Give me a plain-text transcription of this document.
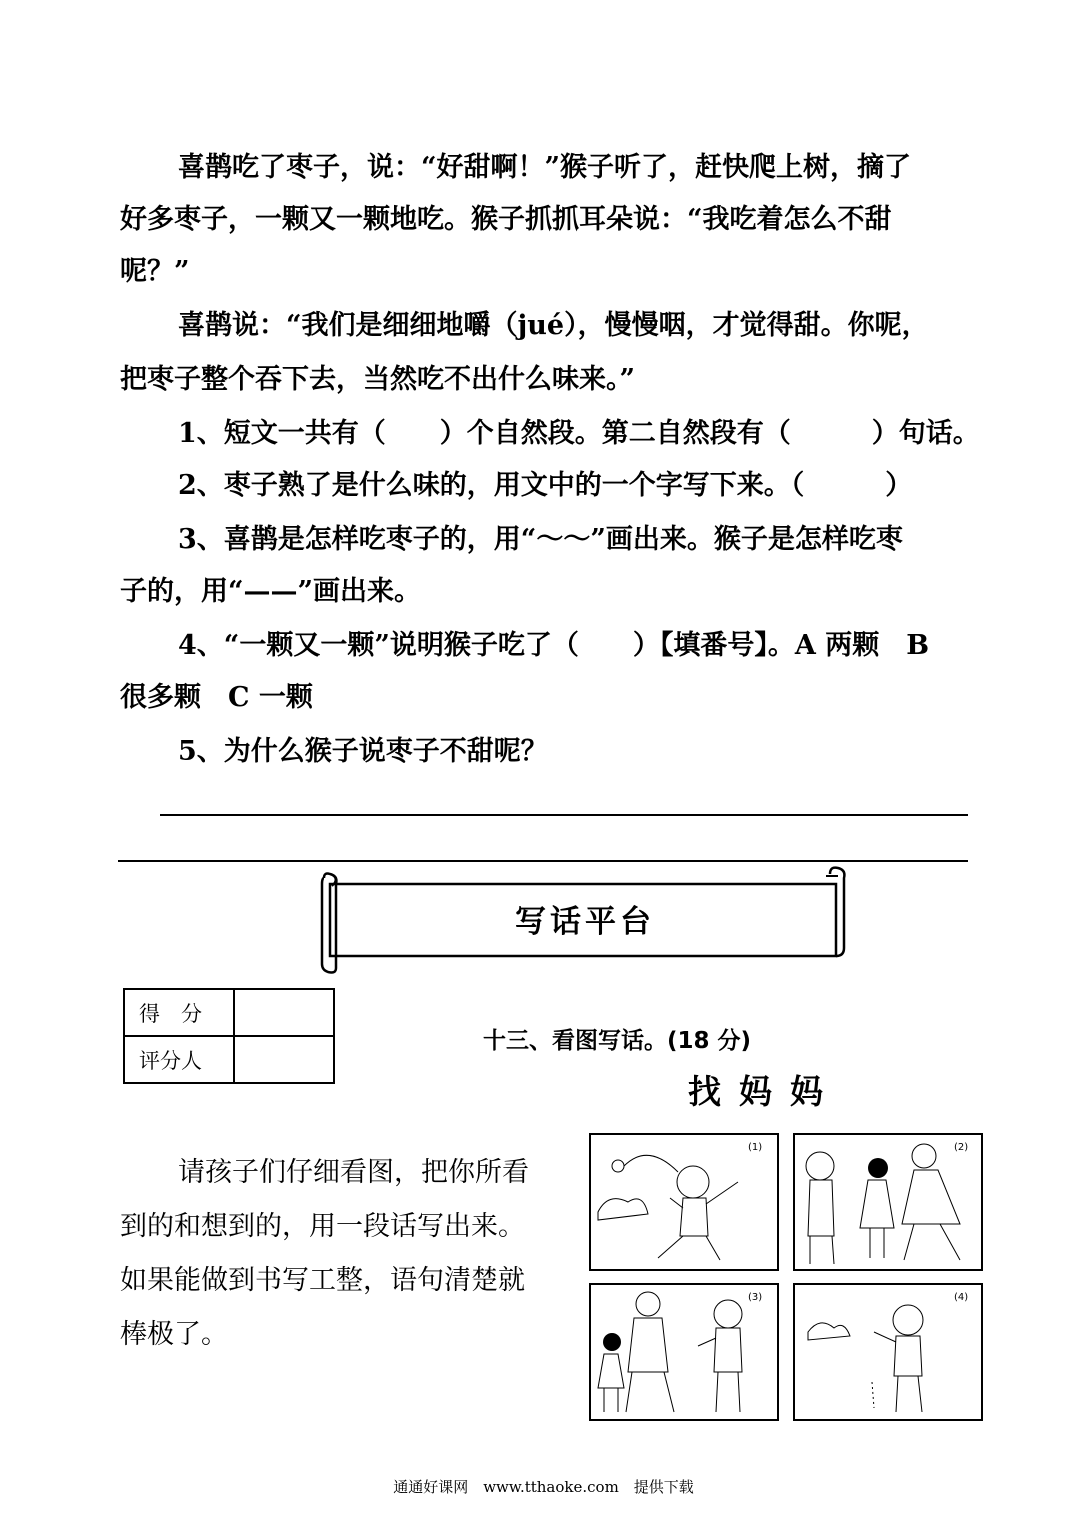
喜鹊吃了枣子，说：“好甜啊！”猴子听了，赶快爬上树，摘了
好多枣子，一颗又一颗地吃。猴子抓抓耳朵说：“我吃着怎么不甜
呢？”
喜鹊说：“我们是细细地嚼（jué），慢慢咽，才觉得甜。你呢，
把枣子整个吞下去，当然吃不出什么味来。”
1、短文一共有（　　）个自然段。第二自然段有（　　　）句话。
2、枣子熟了是什么味的，用文中的一个字写下来。（　　　）
3、喜鹊是怎样吃枣子的，用“～～”画出来。猴子是怎样吃枣
子的，用“——”画出来。
4、“一颗又一颗”说明猴子吃了（　　）【填番号】。A 两颗　B
很多颗　C 一颗
5、为什么猴子说枣子不甜呢？
写话平台
得　分	
评分人	
十三、看图写话。(18 分)
找妈妈
请孩子们仔细看图，把你所看
到的和想到的，用一段话写出来。
如果能做到书写工整，语句清楚就
棒极了。
(1)	(2)
(3)	(4)
通通好课网　www.tthaoke.com　提供下载
